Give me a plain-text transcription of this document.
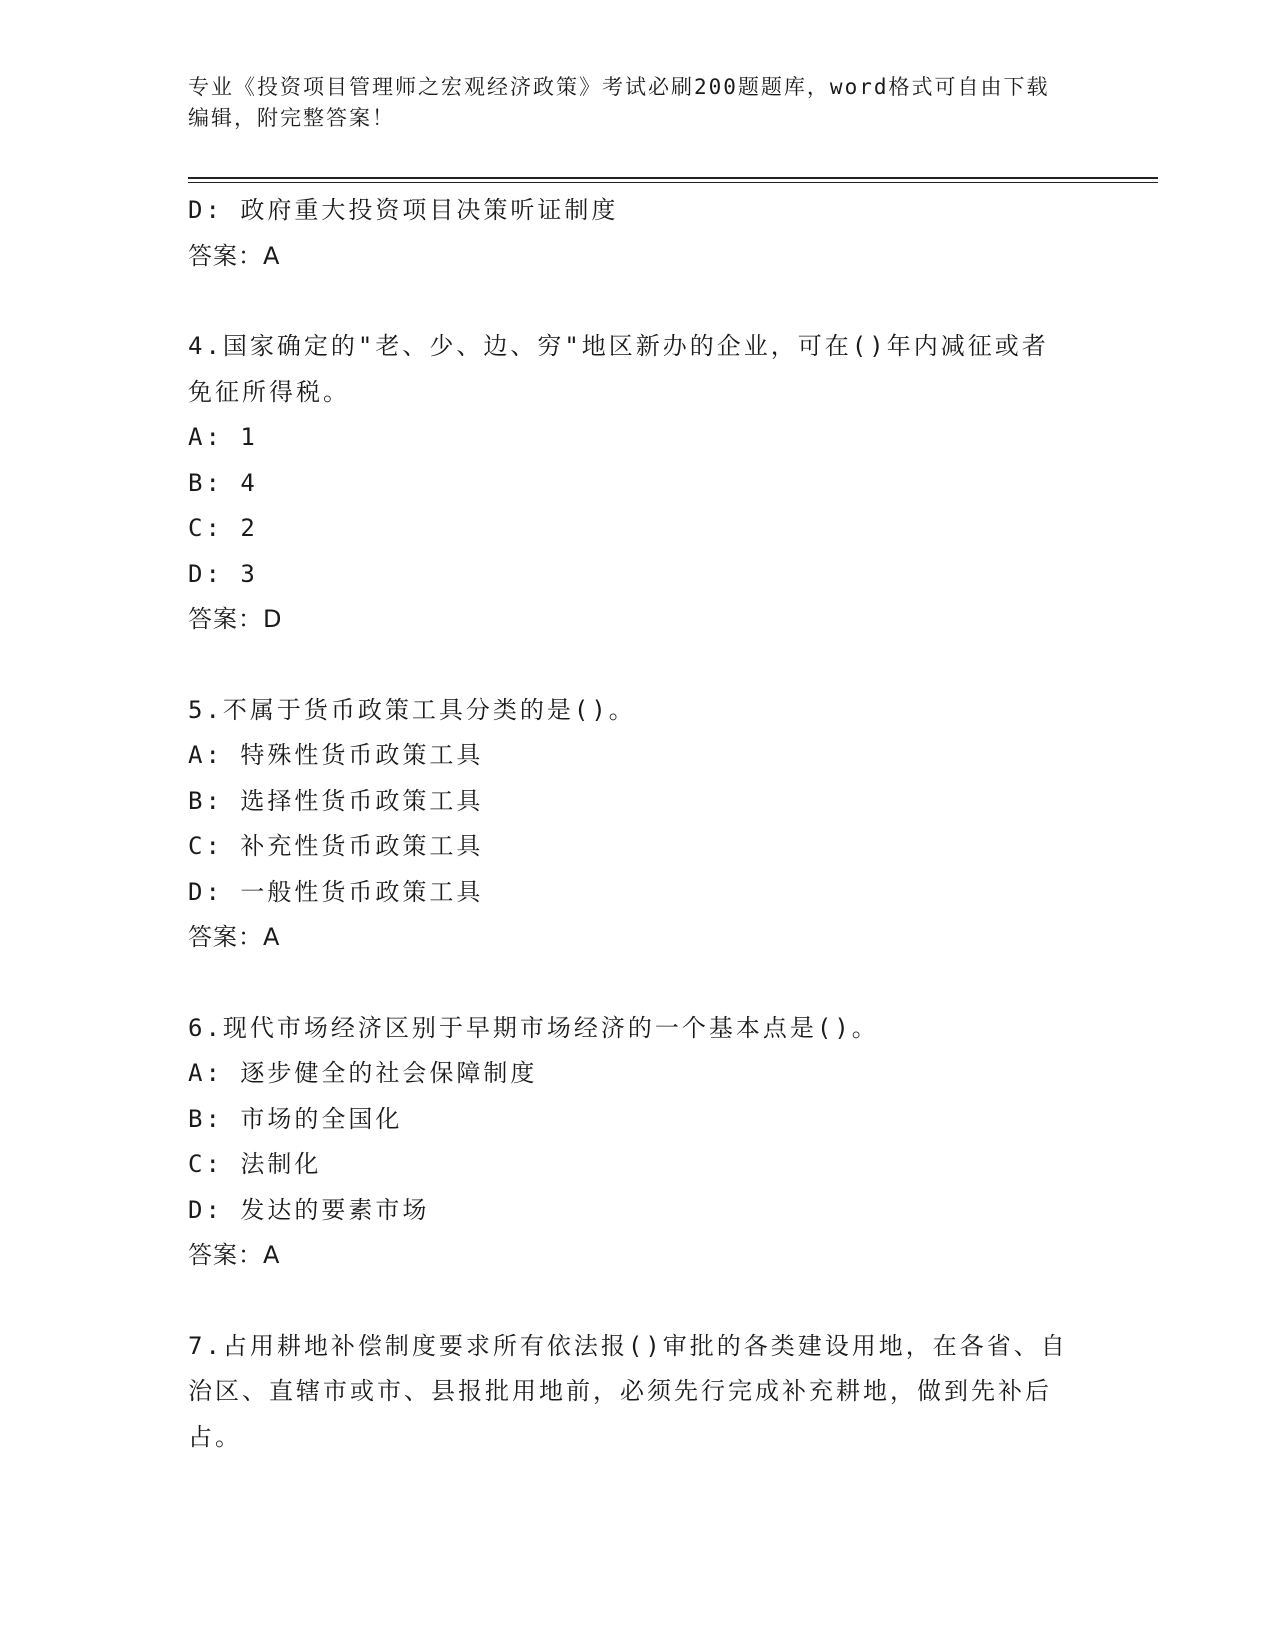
专业《投资项目管理师之宏观经济政策》考试必刷200题题库，word格式可自由下载编辑，附完整答案！
D: 政府重大投资项目决策听证制度
答案：A
4.国家确定的"老、少、边、穷"地区新办的企业，可在()年内减征或者免征所得税。
A: 1
B: 4
C: 2
D: 3
答案：D
5.不属于货币政策工具分类的是()。
A: 特殊性货币政策工具
B: 选择性货币政策工具
C: 补充性货币政策工具
D: 一般性货币政策工具
答案：A
6.现代市场经济区别于早期市场经济的一个基本点是()。
A: 逐步健全的社会保障制度
B: 市场的全国化
C: 法制化
D: 发达的要素市场
答案：A
7.占用耕地补偿制度要求所有依法报()审批的各类建设用地，在各省、自治区、直辖市或市、县报批用地前，必须先行完成补充耕地，做到先补后占。
